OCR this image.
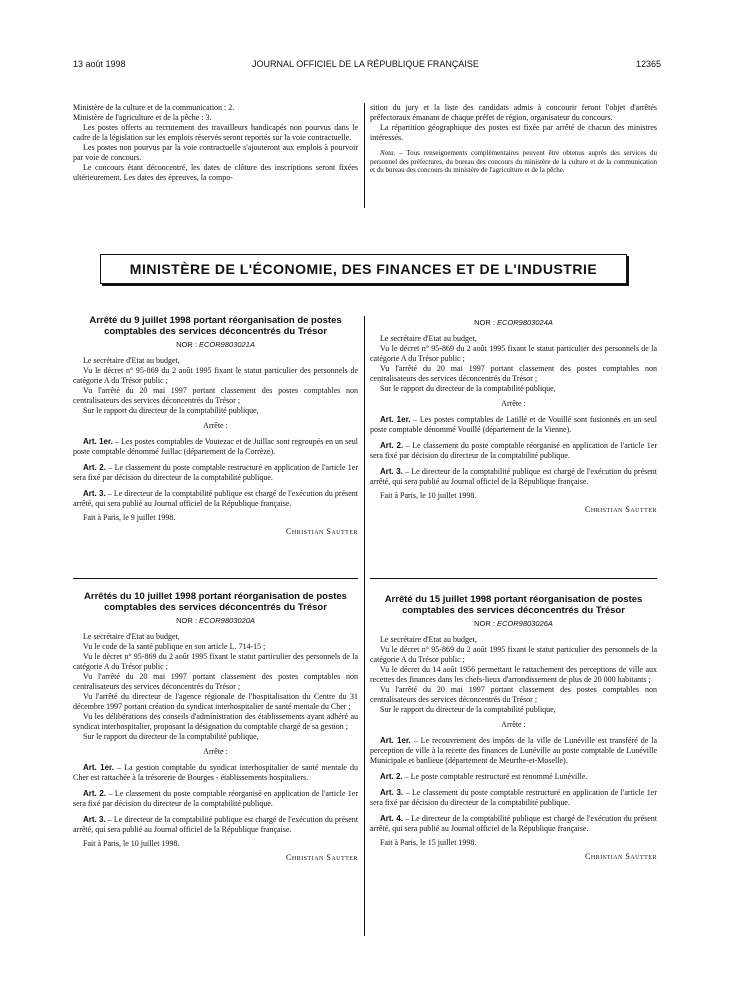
13 août 1998	JOURNAL OFFICIEL DE LA RÉPUBLIQUE FRANÇAISE	12365

Ministère de la culture et de la communication : 2.

Ministère de l'agriculture et de la pêche : 3.

Les postes offerts au recrutement des travailleurs handicapés non pourvus dans le cadre de la législation sur les emplois réservés seront reportés sur la voie contractuelle.

Les postes non pourvus par la voie contractuelle s'ajouteront aux emplois à pourvoir par voie de concours.

Le concours étant déconcentré, les dates de clôture des inscriptions seront fixées ultérieurement. Les dates des épreuves, la compo-

sition du jury et la liste des candidats admis à concourir feront l'objet d'arrêtés préfectoraux émanant de chaque préfet de région, organisateur du concours.

La répartition géographique des postes est fixée par arrêté de chacun des ministres intéressés.

Nota. – Tous renseignements complémentaires peuvent être obtenus auprès des services du personnel des préfectures, du bureau des concours du ministère de la culture et de la communication et du bureau des concours du ministère de l'agriculture et de la pêche.

MINISTÈRE DE L'ÉCONOMIE, DES FINANCES ET DE L'INDUSTRIE
Arrêté du 9 juillet 1998 portant réorganisation de postes comptables des services déconcentrés du Trésor
NOR : ECOR9803021A

Le secrétaire d'Etat au budget,

Vu le décret n° 95-869 du 2 août 1995 fixant le statut particulier des personnels de catégorie A du Trésor public ;

Vu l'arrêté du 20 mai 1997 portant classement des postes comptables non centralisateurs des services déconcentrés du Trésor ;

Sur le rapport du directeur de la comptabilité publique,

Arrête :

Art. 1er. – Les postes comptables de Voutezac et de Juillac sont regroupés en un seul poste comptable dénommé Juillac (département de la Corrèze).

Art. 2. – Le classement du poste comptable restructuré en application de l'article 1er sera fixé par décision du directeur de la comptabilité publique.

Art. 3. – Le directeur de la comptabilité publique est chargé de l'exécution du présent arrêté, qui sera publié au Journal officiel de la République française.

Fait à Paris, le 9 juillet 1998.

Christian Sautter

Arrêtés du 10 juillet 1998 portant réorganisation de postes comptables des services déconcentrés du Trésor
NOR : ECOR9803020A

Le secrétaire d'Etat au budget,

Vu le code de la santé publique en son article L. 714-15 ;

Vu le décret n° 95-869 du 2 août 1995 fixant le statut particulier des personnels de la catégorie A du Trésor public ;

Vu l'arrêté du 20 mai 1997 portant classement des postes comptables non centralisateurs des services déconcentrés du Trésor ;

Vu l'arrêté du directeur de l'agence régionale de l'hospitalisation du Centre du 31 décembre 1997 portant création du syndicat interhospitalier de santé mentale du Cher ;

Vu les délibérations des conseils d'administration des établissements ayant adhéré au syndicat interhospitalier, proposant la désignation du comptable chargé de sa gestion ;

Sur le rapport du directeur de la comptabilité publique,

Arrête :

Art. 1er. – La gestion comptable du syndicat interhospitalier de santé mentale du Cher est rattachée à la trésorerie de Bourges - établissements hospitaliers.

Art. 2. – Le classement du poste comptable réorganisé en application de l'article 1er sera fixé par décision du directeur de la comptabilité publique.

Art. 3. – Le directeur de la comptabilité publique est chargé de l'exécution du présent arrêté, qui sera publié au Journal officiel de la République française.

Fait à Paris, le 10 juillet 1998.

Christian Sautter

NOR : ECOR9803024A

Le secrétaire d'Etat au budget,

Vu le décret n° 95-869 du 2 août 1995 fixant le statut particulier des personnels de la catégorie A du Trésor public ;

Vu l'arrêté du 20 mai 1997 portant classement des postes comptables non centralisateurs des services déconcentrés du Trésor ;

Sur le rapport du directeur de la comptabilité publique,

Arrête :

Art. 1er. – Les postes comptables de Latillé et de Vouillé sont fusionnés en un seul poste comptable dénommé Vouillé (département de la Vienne).

Art. 2. – Le classement du poste comptable réorganisé en application de l'article 1er sera fixé par décision du directeur de la comptabilité publique.

Art. 3. – Le directeur de la comptabilité publique est chargé de l'exécution du présent arrêté, qui sera publié au Journal officiel de la République française.

Fait à Paris, le 10 juillet 1998.

Christian Sautter

Arrêté du 15 juillet 1998 portant réorganisation de postes comptables des services déconcentrés du Trésor
NOR : ECOR9803026A

Le secrétaire d'Etat au budget,

Vu le décret n° 95-869 du 2 août 1995 fixant le statut particulier des personnels de la catégorie A du Trésor public ;

Vu le décret du 14 août 1956 permettant le rattachement des perceptions de ville aux recettes des finances dans les chefs-lieux d'arrondissement de plus de 20 000 habitants ;

Vu l'arrêté du 20 mai 1997 portant classement des postes comptables non centralisateurs des services déconcentrés du Trésor ;

Sur le rapport du directeur de la comptabilité publique,

Arrête :

Art. 1er. – Le recouvrement des impôts de la ville de Lunéville est transféré de la perception de ville à la recette des finances de Lunéville au poste comptable de Lunéville Municipale et banlieue (département de Meurthe-et-Moselle).

Art. 2. – Le poste comptable restructuré est renommé Lunéville.

Art. 3. – Le classement du poste comptable restructuré en application de l'article 1er sera fixé par décision du directeur de la comptabilité publique.

Art. 4. – Le directeur de la comptabilité publique est chargé de l'exécution du présent arrêté, qui sera publié au Journal officiel de la République française.

Fait à Paris, le 15 juillet 1998.

Christian Sautter
